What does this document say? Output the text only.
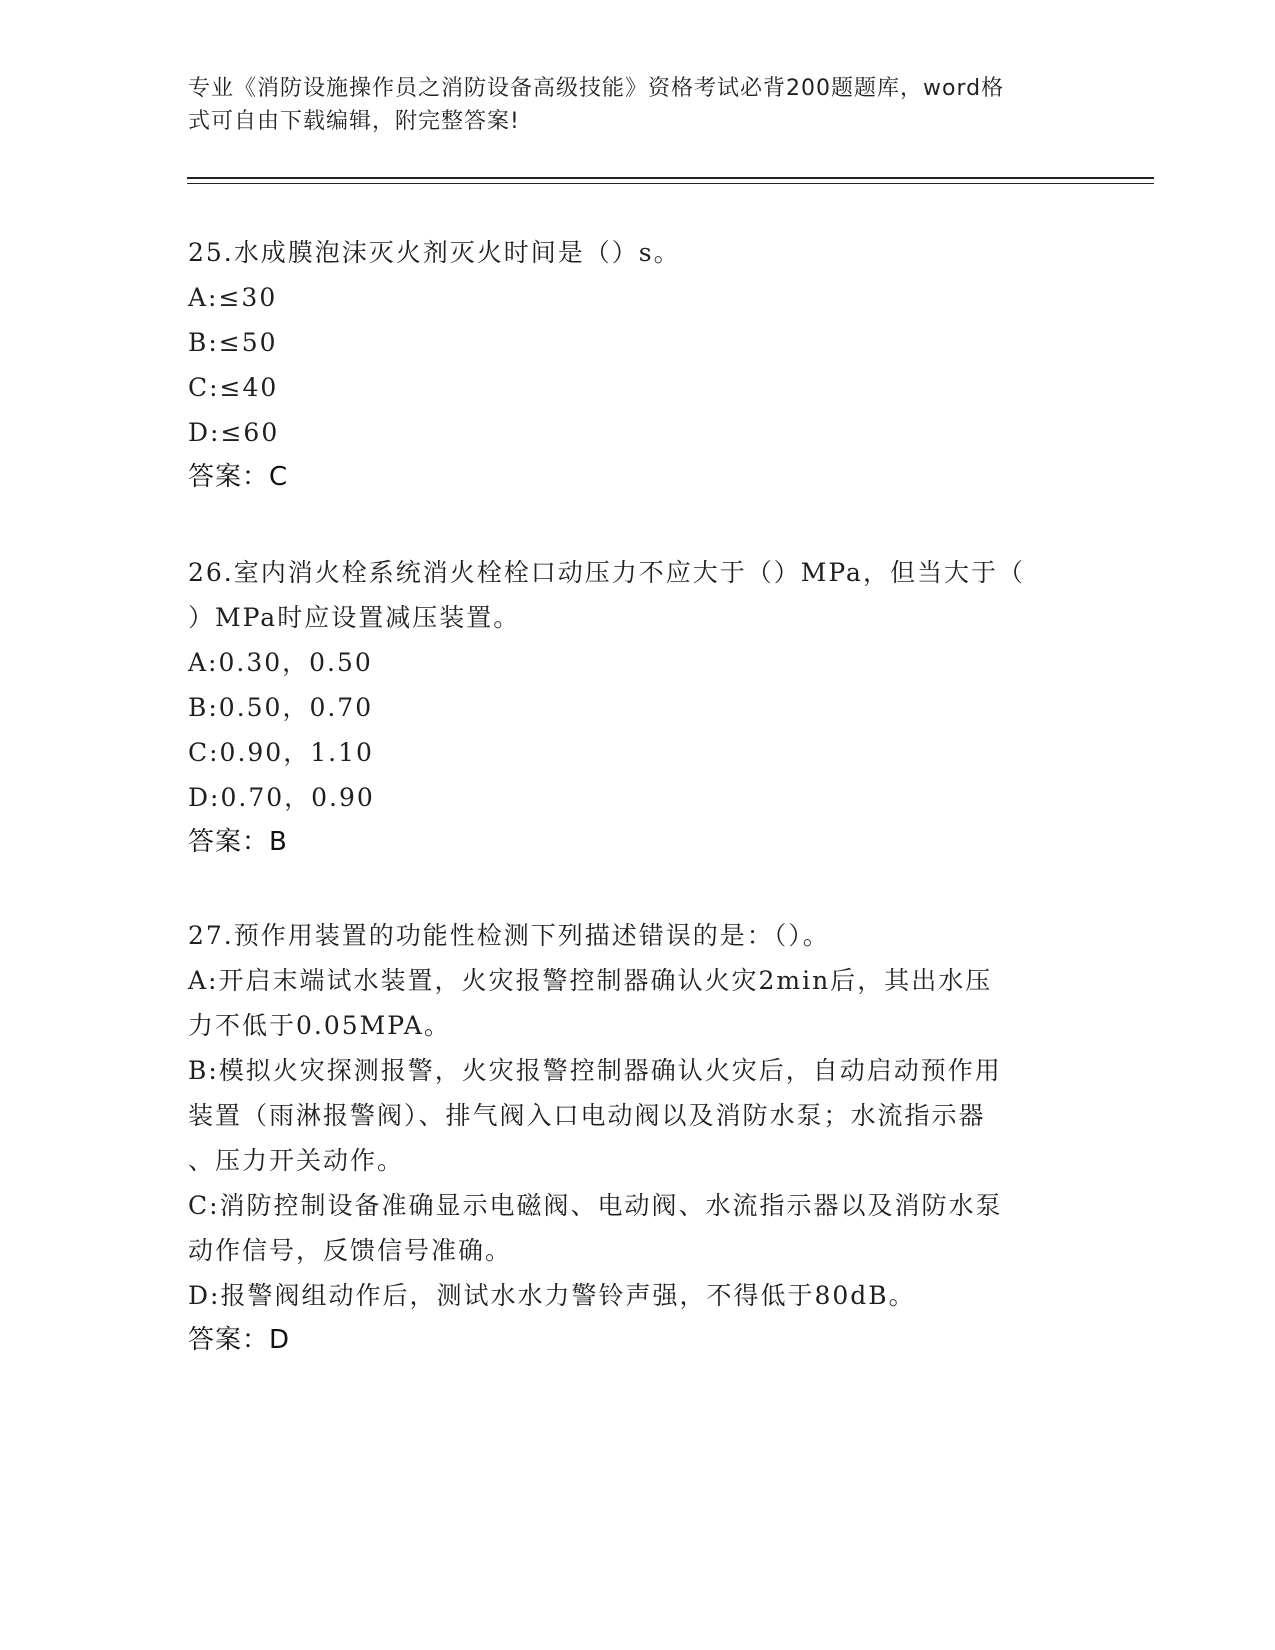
专业《消防设施操作员之消防设备高级技能》资格考试必背200题题库，word格
式可自由下载编辑，附完整答案!
25.水成膜泡沫灭火剂灭火时间是（）s。
A:≤30
B:≤50
C:≤40
D:≤60
答案：C
26.室内消火栓系统消火栓栓口动压力不应大于（）MPa，但当大于（
）MPa时应设置减压装置。
A:0.30，0.50
B:0.50，0.70
C:0.90，1.10
D:0.70，0.90
答案：B
27.预作用装置的功能性检测下列描述错误的是：（）。
A:开启末端试水装置，火灾报警控制器确认火灾2min后，其出水压
力不低于0.05MPA。
B:模拟火灾探测报警，火灾报警控制器确认火灾后，自动启动预作用
装置（雨淋报警阀）、排气阀入口电动阀以及消防水泵；水流指示器
、压力开关动作。
C:消防控制设备准确显示电磁阀、电动阀、水流指示器以及消防水泵
动作信号，反馈信号准确。
D:报警阀组动作后，测试水水力警铃声强，不得低于80dB。
答案：D
